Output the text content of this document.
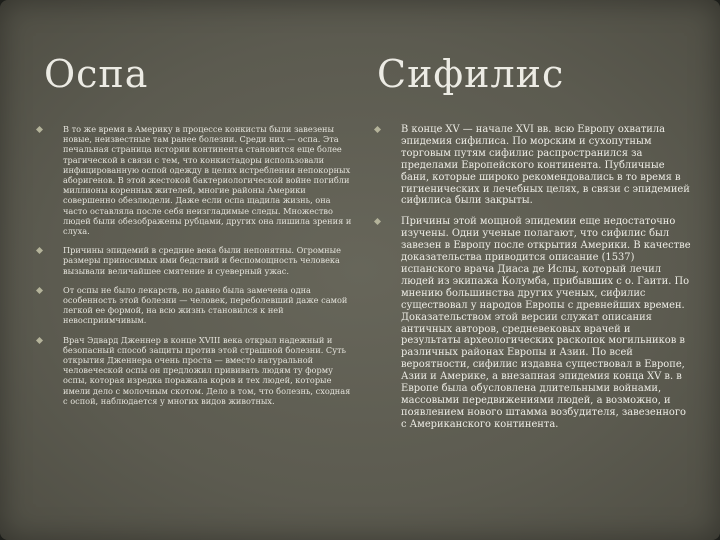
Оспа	Сифилис
В то же время в Америку в процессе конкисты были завезены новые, неизвестные там ранее болезни. Среди них — оспа. Эта печальная страница истории континента становится еще более трагической в связи с тем, что конкистадоры использовали инфицированную оспой одежду в целях истребления непокорных аборигенов. В этой жестокой бактериологической войне погибли миллионы коренных жителей, многие районы Америки совершенно обезлюдели. Даже если оспа щадила жизнь, она часто оставляла после себя неизгладимые следы. Множество людей были обезображены рубцами, других она лишила зрения и слуха.
Причины эпидемий в средние века были непонятны. Огромные размеры приносимых ими бедствий и беспомощность человека вызывали величайшее смятение и суеверный ужас.
От оспы не было лекарств, но давно была замечена одна особенность этой болезни — человек, переболевший даже самой легкой ее формой, на всю жизнь становился к ней невосприимчивым.
Врач Эдвард Дженнер в конце XVIII века открыл надежный и безопасный способ защиты против этой страшной болезни. Суть открытия Дженнера очень проста — вместо натуральной человеческой оспы он предложил прививать людям ту форму оспы, которая изредка поражала коров и тех людей, которые имели дело с молочным скотом. Дело в том, что болезнь, сходная с оспой, наблюдается у многих видов животных.
В конце XV — начале XVI вв. всю Европу охватила эпидемия сифилиса. По морским и сухопутным торговым путям сифилис распространился за пределами Европейского континента. Публичные бани, которые широко рекомендовались в то время в гигиенических и лечебных целях, в связи с эпидемией сифилиса были закрыты.
Причины этой мощной эпидемии еще недостаточно изучены. Одни ученые полагают, что сифилис был завезен в Европу после открытия Америки. В качестве доказательства приводится описание (1537) испанского врача Диаса де Ислы, который лечил людей из экипажа Колумба, прибывших с о. Гаити. По мнению большинства других ученых, сифилис существовал у народов Европы с древнейших времен. Доказательством этой версии служат описания античных авторов, средневековых врачей и результаты археологических раскопок могильников в различных районах Европы и Азии. По всей вероятности, сифилис издавна существовал в Европе, Азии и Америке, а внезапная эпидемия конца XV в. в Европе была обусловлена длительными войнами, массовыми передвижениями людей, а возможно, и появлением нового штамма возбудителя, завезенного с Американского континента.
